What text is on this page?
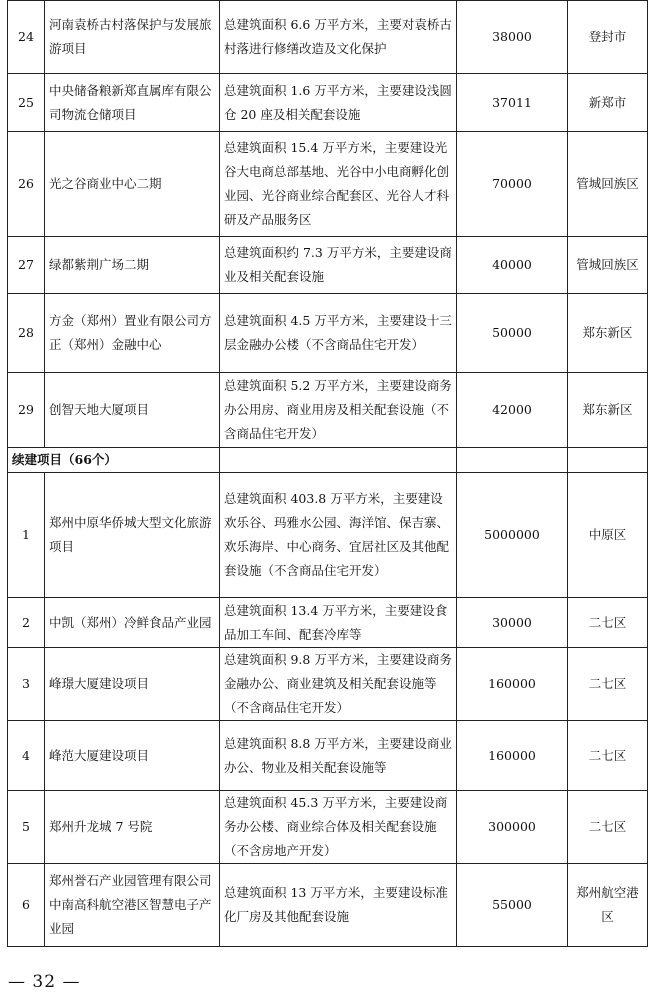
24	河南袁桥古村落保护与发展旅游项目	总建筑面积 6.6 万平方米，主要对袁桥古村落进行修缮改造及文化保护	38000	登封市
25	中央储备粮新郑直属库有限公司物流仓储项目	总建筑面积 1.6 万平方米，主要建设浅圆仓 20 座及相关配套设施	37011	新郑市
26	光之谷商业中心二期	总建筑面积 15.4 万平方米，主要建设光谷大电商总部基地、光谷中小电商孵化创业园、光谷商业综合配套区、光谷人才科研及产品服务区	70000	管城回族区
27	绿都紫荆广场二期	总建筑面积约 7.3 万平方米，主要建设商业及相关配套设施	40000	管城回族区
28	方金（郑州）置业有限公司方正（郑州）金融中心	总建筑面积 4.5 万平方米，主要建设十三层金融办公楼（不含商品住宅开发）	50000	郑东新区
29	创智天地大厦项目	总建筑面积 5.2 万平方米，主要建设商务办公用房、商业用房及相关配套设施（不含商品住宅开发）	42000	郑东新区
续建项目（66个）				
1	郑州中原华侨城大型文化旅游项目	总建筑面积 403.8 万平方米，主要建设欢乐谷、玛雅水公园、海洋馆、保吉寨、欢乐海岸、中心商务、宜居社区及其他配套设施（不含商品住宅开发）	5000000	中原区
2	中凯（郑州）冷鲜食品产业园	总建筑面积 13.4 万平方米，主要建设食品加工车间、配套冷库等	30000	二七区
3	峰璟大厦建设项目	总建筑面积 9.8 万平方米，主要建设商务金融办公、商业建筑及相关配套设施等（不含商品住宅开发）	160000	二七区
4	峰范大厦建设项目	总建筑面积 8.8 万平方米，主要建设商业办公、物业及相关配套设施等	160000	二七区
5	郑州升龙城 7 号院	总建筑面积 45.3 万平方米，主要建设商务办公楼、商业综合体及相关配套设施（不含房地产开发）	300000	二七区
6	郑州誉石产业园管理有限公司中南高科航空港区智慧电子产业园	总建筑面积 13 万平方米，主要建设标准化厂房及其他配套设施	55000	郑州航空港区
— 32 —
